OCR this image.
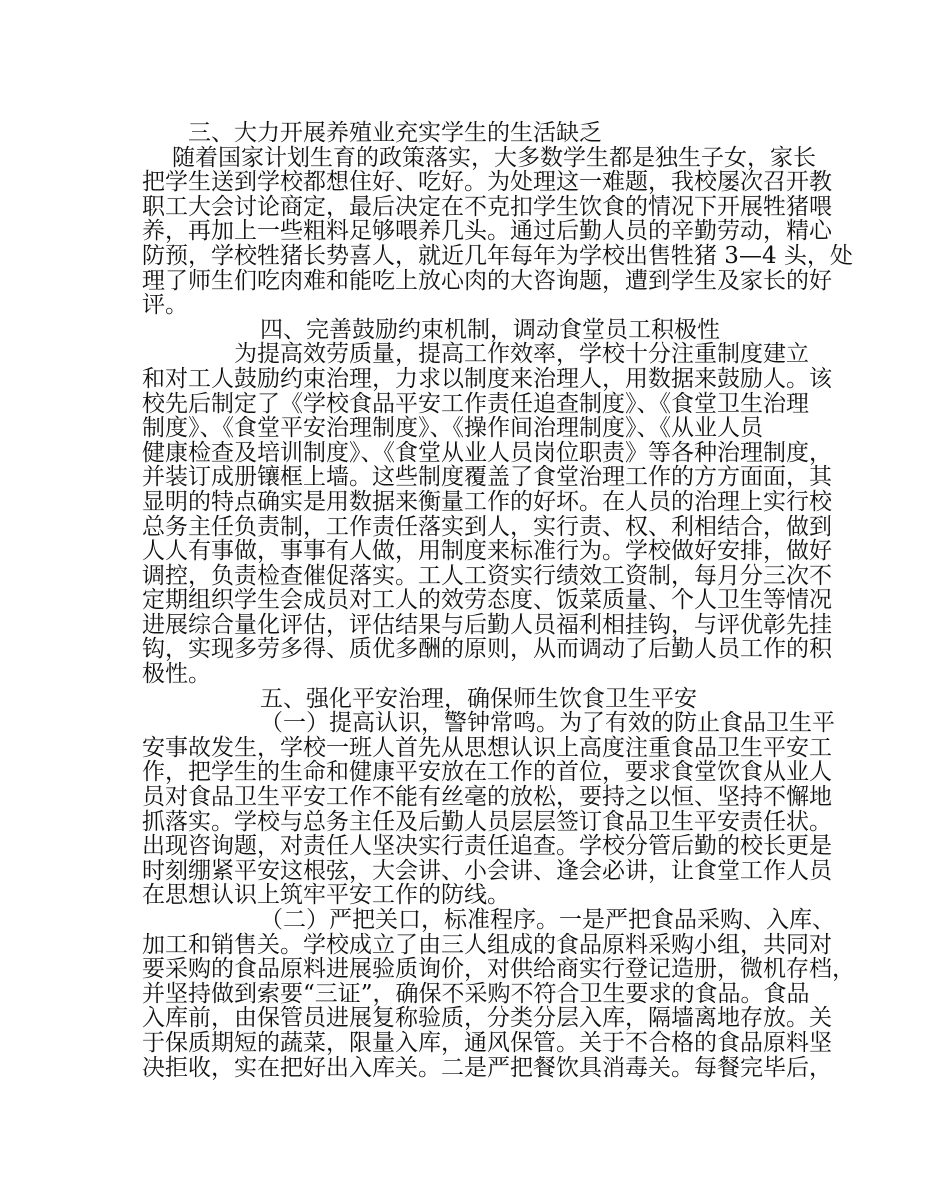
三、大力开展养殖业充实学生的生活缺乏
随着国家计划生育的政策落实，大多数学生都是独生子女，家长
把学生送到学校都想住好、吃好。为处理这一难题，我校屡次召开教
职工大会讨论商定，最后决定在不克扣学生饮食的情况下开展牲猪喂
养，再加上一些粗料足够喂养几头。通过后勤人员的辛勤劳动，精心
防预，学校牲猪长势喜人，就近几年每年为学校出售牲猪 3—4 头，处
理了师生们吃肉难和能吃上放心肉的大咨询题，遭到学生及家长的好
评。
四、完善鼓励约束机制，调动食堂员工积极性
为提高效劳质量，提高工作效率，学校十分注重制度建立
和对工人鼓励约束治理，力求以制度来治理人，用数据来鼓励人。该
校先后制定了《学校食品平安工作责任追查制度》、《食堂卫生治理
制度》、《食堂平安治理制度》、《操作间治理制度》、《从业人员
健康检查及培训制度》、《食堂从业人员岗位职责》等各种治理制度，
并装订成册镶框上墙。这些制度覆盖了食堂治理工作的方方面面，其
显明的特点确实是用数据来衡量工作的好坏。在人员的治理上实行校
总务主任负责制，工作责任落实到人，实行责、权、利相结合，做到
人人有事做，事事有人做，用制度来标准行为。学校做好安排，做好
调控，负责检查催促落实。工人工资实行绩效工资制，每月分三次不
定期组织学生会成员对工人的效劳态度、饭菜质量、个人卫生等情况
进展综合量化评估，评估结果与后勤人员福利相挂钩，与评优彰先挂
钩，实现多劳多得、质优多酬的原则，从而调动了后勤人员工作的积
极性。
五、强化平安治理，确保师生饮食卫生平安
（一）提高认识，警钟常鸣。为了有效的防止食品卫生平
安事故发生，学校一班人首先从思想认识上高度注重食品卫生平安工
作，把学生的生命和健康平安放在工作的首位，要求食堂饮食从业人
员对食品卫生平安工作不能有丝毫的放松，要持之以恒、坚持不懈地
抓落实。学校与总务主任及后勤人员层层签订食品卫生平安责任状。
出现咨询题，对责任人坚决实行责任追查。学校分管后勤的校长更是
时刻绷紧平安这根弦，大会讲、小会讲、逢会必讲，让食堂工作人员
在思想认识上筑牢平安工作的防线。
（二）严把关口，标准程序。一是严把食品采购、入库、
加工和销售关。学校成立了由三人组成的食品原料采购小组，共同对
要采购的食品原料进展验质询价，对供给商实行登记造册，微机存档，
并坚持做到索要“三证”，确保不采购不符合卫生要求的食品。食品
入库前，由保管员进展复称验质，分类分层入库，隔墙离地存放。关
于保质期短的蔬菜，限量入库，通风保管。关于不合格的食品原料坚
决拒收，实在把好出入库关。二是严把餐饮具消毒关。每餐完毕后，
